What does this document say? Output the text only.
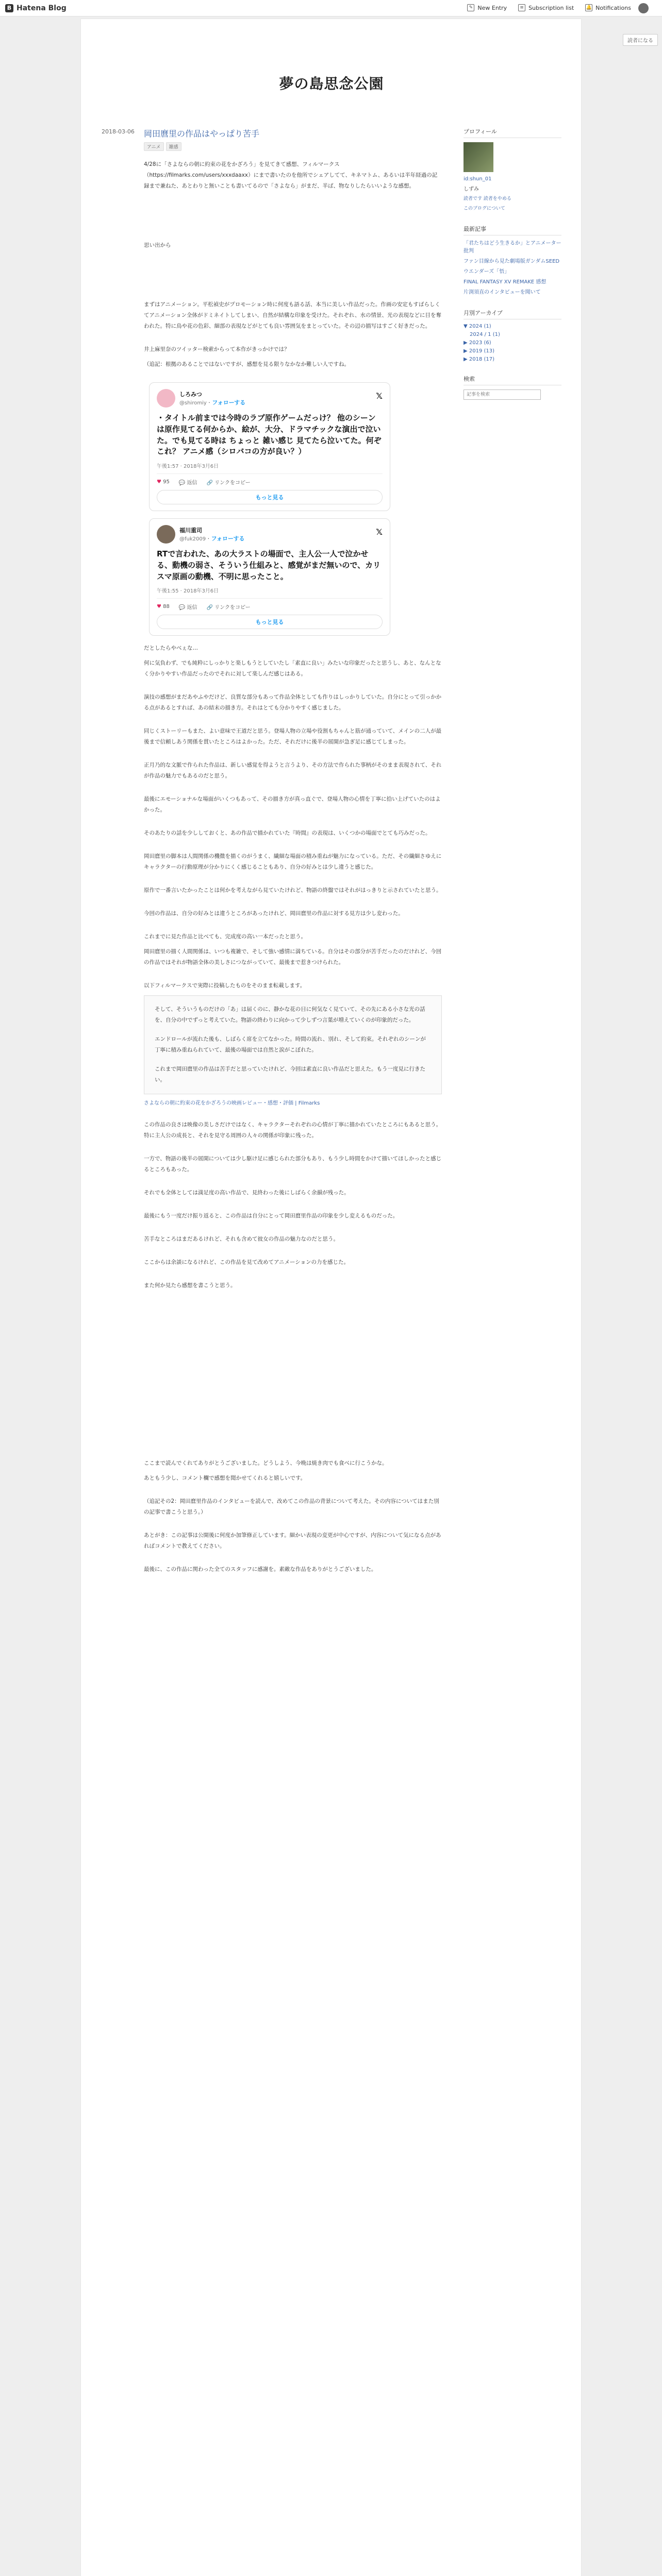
B Hatena Blog	✎ New Entry	≡ Subscription list	🔔 Notifications
読者になる
夢の島思念公園
2018-03-06 岡田麿里の作品はやっぱり苦手
アニメ	雑感

4/28に「さよならの朝に約束の花をかざろう」を見てきて感想、フィルマークス（https://filmarks.com/users/xxxdaaxx）にまで書いたのを他所でシェアしてて、キネマトム、あるいは半年経過の記録まで兼ねた、あとわりと無いことも書いてるので「さよなら」がまだ、半ば、物なりしたらいいような感想。

思い出から

まずはアニメーション。平松禎史がプロモーション時に何度も語る話、本当に美しい作品だった。作画の安定もすばらしくてアニメーション全体がドミネイトしてしまい、自然が結構な印象を受けた。それぞれ、水の情景、光の表現などに目を奪われた。特に鳥や花の色彩、細部の表現などがとても良い雰囲気をまとっていた。その辺の描写はすごく好きだった。

井上麻里奈のツイッター検索からって本作がきっかけでは？

（追記：根拠のあることではないですが、感想を見る限りなかなか難しい人ですね。

しろみつ
@shiromiy · フォローする
𝕏
・タイトル前までは今時のラブ原作ゲームだっけ？ 他のシーンは原作見てる何からか、絵が、大分、ドラマチックな演出で泣いた。でも見てる時は ちょっと 雑い感じ 見てたら泣いてた。何ぞこれ？ アニメ感（シロバコの方が良い？）
午後1:57 · 2018年3月6日
♥ 95 💬 返信 🔗 リンクをコピー
もっと見る
福川重司
@fuk2009 · フォローする
𝕏
RTで言われた、あの大ラストの場面で、主人公一人で泣かせる、動機の弱さ、そういう仕組みと、感覚がまだ無いので、カリスマ原画の動機、不明に思ったこと。
午後1:55 · 2018年3月6日
♥ 88 💬 返信 🔗 リンクをコピー
もっと見る

だとしたらやべぇな…

何に気負わず、でも純粋にしっかりと楽しもうとしていたし「素直に良い」みたいな印象だったと思うし、あと、なんとなく分かりやすい作品だったのでそれに対して楽しんだ感じはある。

演技の感想がまだあやふやだけど、良質な部分もあって作品全体としても作りはしっかりしていた。自分にとって引っかかる点があるとすれば、あの結末の描き方。それはとても分かりやすく感じました。

同じくストーリーもまた、よい意味で王道だと思う。登場人物の立場や役割もちゃんと筋が通っていて、メインの二人が最後まで信頼しあう関係を貫いたところはよかった。ただ、それだけに後半の展開が急ぎ足に感じてしまった。

正月乃的な文脈で作られた作品は、新しい感覚を得ようと言うより、その方法で作られた事柄がそのまま表現されて、それが作品の魅力でもあるのだと思う。

最後にエモーショナルな場面がいくつもあって、その描き方が真っ直ぐで、登場人物の心情を丁寧に拾い上げていたのはよかった。

そのあたりの話を少ししておくと、あの作品で描かれていた『時間』の表現は、いくつかの場面でとても巧みだった。

岡田麿里の脚本は人間関係の機微を描くのがうまく、繊細な場面の積み重ねが魅力になっている。ただ、その繊細さゆえにキャラクターの行動原理が分かりにくく感じることもあり、自分の好みとは少し違うと感じた。

原作で一番言いたかったことは何かを考えながら見ていたけれど、物語の終盤ではそれがはっきりと示されていたと思う。

今回の作品は、自分の好みとは違うところがあったけれど、岡田麿里の作品に対する見方は少し変わった。

これまでに見た作品と比べても、完成度の高い一本だったと思う。

岡田麿里の描く人間関係は、いつも複雑で、そして強い感情に満ちている。自分はその部分が苦手だったのだけれど、今回の作品ではそれが物語全体の美しさにつながっていて、最後まで惹きつけられた。

以下フィルマークスで実際に投稿したものをそのまま転載します。

そして、そういうものだけの「あ」は届くのに、静かな花の日に何気なく見ていて、その先にある小さな光の話を、自分の中でずっと考えていた。物語の終わりに向かって少しずつ言葉が増えていくのが印象的だった。

エンドロールが流れた後も、しばらく席を立てなかった。時間の流れ、別れ、そして約束。それぞれのシーンが丁寧に積み重ねられていて、最後の場面では自然と涙がこぼれた。

これまで岡田麿里の作品は苦手だと思っていたけれど、今回は素直に良い作品だと思えた。もう一度見に行きたい。

さよならの朝に約束の花をかざろうの映画レビュー・感想・評価 | Filmarks

この作品の良さは映像の美しさだけではなく、キャラクターそれぞれの心情が丁寧に描かれていたところにもあると思う。特に主人公の成長と、それを見守る周囲の人々の関係が印象に残った。

一方で、物語の後半の展開については少し駆け足に感じられた部分もあり、もう少し時間をかけて描いてほしかったと感じるところもあった。

それでも全体としては満足度の高い作品で、見終わった後にしばらく余韻が残った。

最後にもう一度だけ振り返ると、この作品は自分にとって岡田麿里作品の印象を少し変えるものだった。

苦手なところはまだあるけれど、それも含めて彼女の作品の魅力なのだと思う。

ここからは余談になるけれど、この作品を見て改めてアニメーションの力を感じた。

また何か見たら感想を書こうと思う。

ここまで読んでくれてありがとうございました。どうしよう、今晩は焼き肉でも食べに行こうかな。

あともう少し、コメント欄で感想を聞かせてくれると嬉しいです。

（追記その2：岡田麿里作品のインタビューを読んで、改めてこの作品の背景について考えた。その内容についてはまた別の記事で書こうと思う。）

あとがき：この記事は公開後に何度か加筆修正しています。細かい表現の変更が中心ですが、内容について気になる点があればコメントで教えてください。

最後に、この作品に関わった全てのスタッフに感謝を。素敵な作品をありがとうございました。

プロフィール
id:shun_01
しずみ
読者です 読者をやめる
このブログについて
最新記事
「君たちはどう生きるか」とアニメーター批判
ファン目線から見た劇場版ガンダムSEED
ウエンダーズ「悟」
FINAL FANTASY XV REMAKE 感想
片渕須直のインタビューを聞いて
月別アーカイブ
▼ 2024 (1)
2024 / 1 (1)
▶ 2023 (6)
▶ 2019 (13)
▶ 2018 (17)
検索
記事を検索
